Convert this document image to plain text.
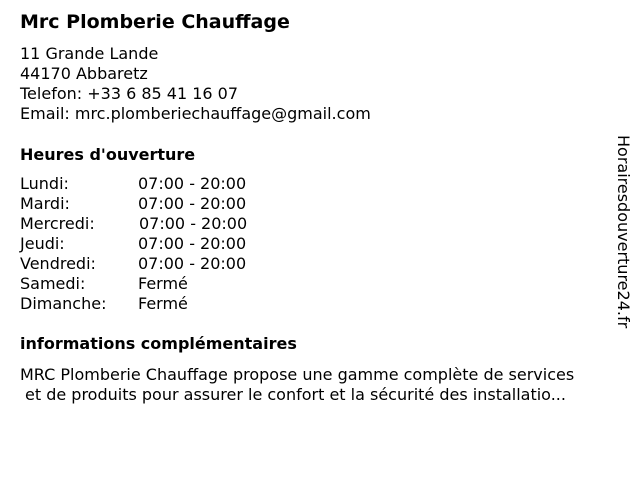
Mrc Plomberie Chauffage
11 Grande Lande
44170 Abbaretz
Telefon: +33 6 85 41 16 07
Email: mrc.plomberiechauffage@gmail.com
Heures d'ouverture
Lundi:	07:00 - 20:00
Mardi:	07:00 - 20:00
Mercredi:	07:00 - 20:00
Jeudi:	07:00 - 20:00
Vendredi:	07:00 - 20:00
Samedi:	Fermé
Dimanche: Fermé
informations complémentaires
MRC Plomberie Chauffage propose une gamme complète de services
et de produits pour assurer le confort et la sécurité des installatio...
Horairesdouverture24.fr
